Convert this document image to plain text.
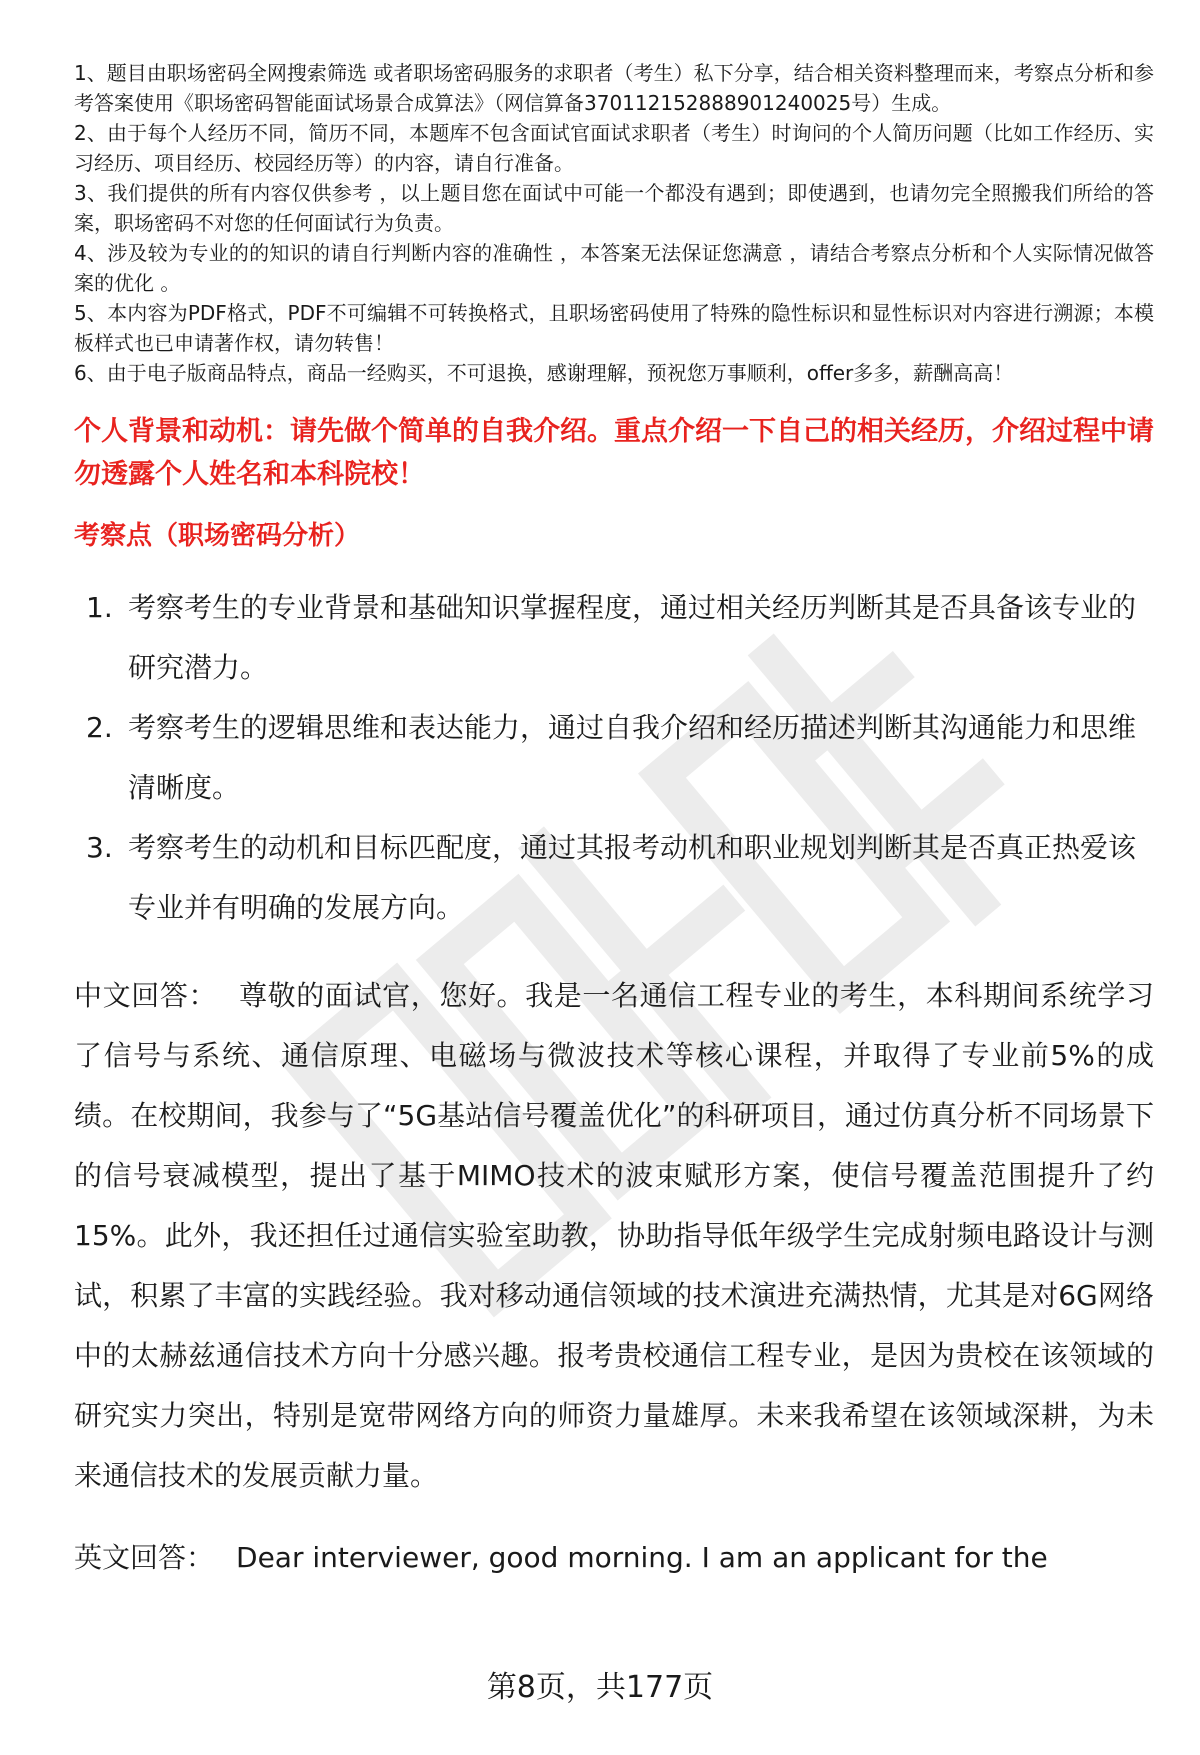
1、题目由职场密码全网搜索筛选 或者职场密码服务的求职者（考生）私下分享，结合相关资料整理而来，考察点分析和参考答案使用《职场密码智能面试场景合成算法》（网信算备370112152888901240025号）生成。
2、由于每个人经历不同，简历不同，本题库不包含面试官面试求职者（考生）时询问的个人简历问题（比如工作经历、实习经历、项目经历、校园经历等）的内容，请自行准备。
3、我们提供的所有内容仅供参考 ，以上题目您在面试中可能一个都没有遇到；即使遇到，也请勿完全照搬我们所给的答案，职场密码不对您的任何面试行为负责。
4、涉及较为专业的的知识的请自行判断内容的准确性 ，本答案无法保证您满意 ，请结合考察点分析和个人实际情况做答案的优化 。
5、本内容为PDF格式，PDF不可编辑不可转换格式，且职场密码使用了特殊的隐性标识和显性标识对内容进行溯源；本模板样式也已申请著作权，请勿转售！
6、由于电子版商品特点，商品一经购买，不可退换，感谢理解，预祝您万事顺利，offer多多，薪酬高高！
个人背景和动机：请先做个简单的自我介绍。重点介绍一下自己的相关经历，介绍过程中请勿透露个人姓名和本科院校！
考察点（职场密码分析）
1. 考察考生的专业背景和基础知识掌握程度，通过相关经历判断其是否具备该专业的研究潜力。
2. 考察考生的逻辑思维和表达能力，通过自我介绍和经历描述判断其沟通能力和思维清晰度。
3. 考察考生的动机和目标匹配度，通过其报考动机和职业规划判断其是否真正热爱该专业并有明确的发展方向。
中文回答： 尊敬的面试官，您好。我是一名通信工程专业的考生，本科期间系统学习了信号与系统、通信原理、电磁场与微波技术等核心课程，并取得了专业前5%的成绩。在校期间，我参与了“5G基站信号覆盖优化”的科研项目，通过仿真分析不同场景下的信号衰减模型，提出了基于MIMO技术的波束赋形方案，使信号覆盖范围提升了约15%。此外，我还担任过通信实验室助教，协助指导低年级学生完成射频电路设计与测试，积累了丰富的实践经验。我对移动通信领域的技术演进充满热情，尤其是对6G网络中的太赫兹通信技术方向十分感兴趣。报考贵校通信工程专业，是因为贵校在该领域的研究实力突出，特别是宽带网络方向的师资力量雄厚。未来我希望在该领域深耕，为未来通信技术的发展贡献力量。
英文回答： Dear interviewer, good morning. I am an applicant for the
第8页，共177页
